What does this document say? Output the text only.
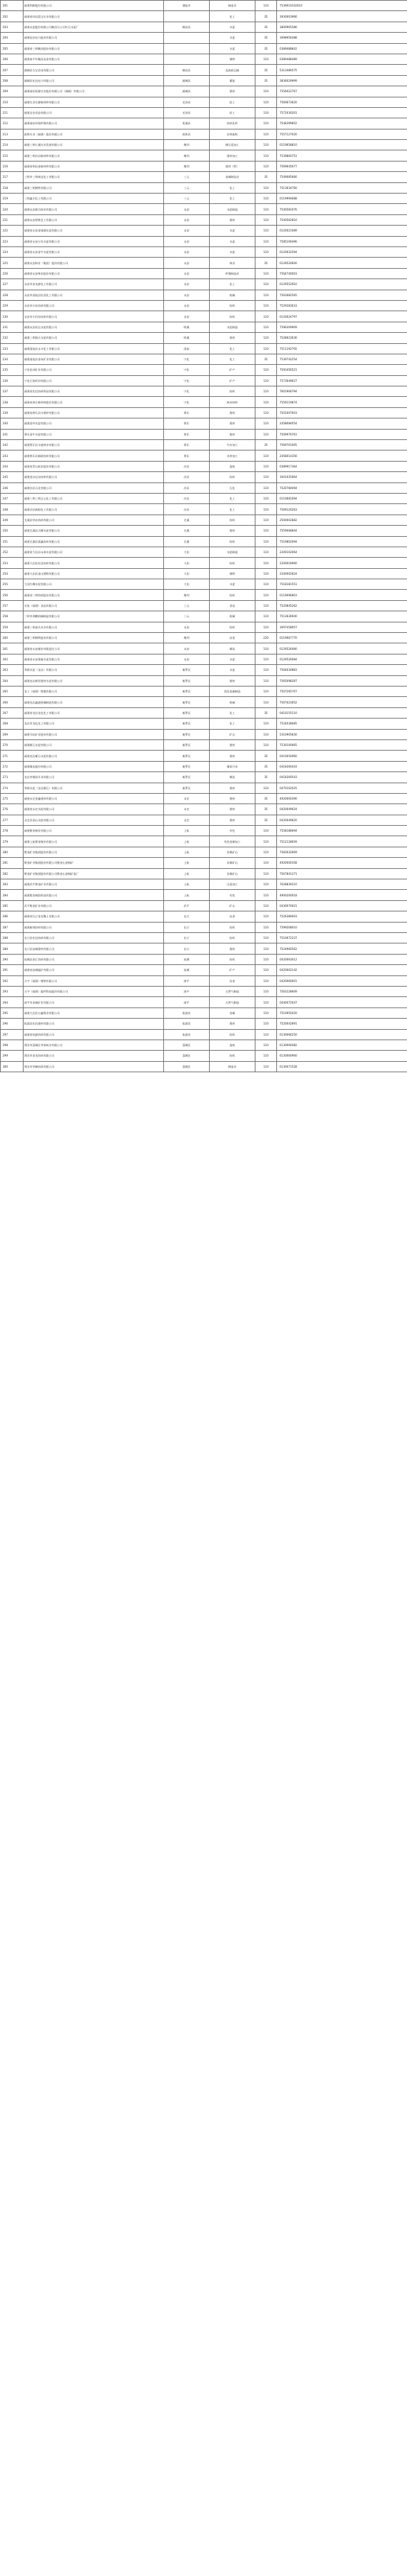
201	福建利树股份有限公司	建瓯市	制造业	110	7539010102010
202	福建省祥昌富宝实业有限公司		化工	35	3930003966
203	福建永泥股份有限公司顺昌分公司红石水泥厂	顺昌县	水泥	35	3809965586
204	福建钰昌电力股份有限公司		水泥	35	3098956488
205	福建省三明顺昌股份有限公司		水泥	35	0389488842
206	福建南平市顺昌冶金有限公司		钢铁	110	0389488489
207	浦城县太宝农电有限公司	顺昌县	直流轮运输	35	5313480575
208	浦城县宏达电力有限公司	浦城县	蓄能	35	3836029999
209	福建南纺资源实业股份有限公司（浦城）有限公司	浦城县	建材	110	7556022767
210	福建实业实源新材料有限公司	光泽县	轻工	110	7560673620
211	福建圣农食品有限公司	光泽县	轻工	110	7572030201
212	福建南纺环保纤维有限公司	松溪县	纺织化纤	110	7548399852
213	政和实业（福建）股份有限公司	政和县	农林畜牧	110	7557127020
214	福建三明小溪实业发展有限公司	梅列	钢压延加工	110	0119658810
215	福建三明沙县新材料有限公司	梅列	建材加工	110	7539800751
216	福建省明冶金新材料有限公司	梅列	建材（管）	110	7569645677
217	三明市三明泰达化工有限公司	三元	金属制品业	35	7549085666
218	福建三明钢铁有限公司	三元	化工	110	7513634760
219	三明鑫丰化工有限公司	三元	化工	110	0119994688
220	福建永安联合纸业有限公司	永安	水泥制造	110	7540581076
221	福建永安智胜化工有限公司	永安	建材	110	7540562816
222	福建省永安金银湖水泥有限公司	永安	水泥	110	0120021089
223	福建省永安万年水泥有限公司	永安	水泥	110	7585106496
224	福建省永安金牛水泥有限公司	永安	水泥	110	0120032594
225	福建永安林业（集团）股份有限公司	永安	林业	35	0129520600
226	福建省永安林业股份有限公司	永安	纤维制造业	110	7564740003
227	永安市金龙源化工有限公司	永安	化工	110	0129552910
228	永安市清流县宏昌化工有限公司	永安	机械	110	7563082565
229	永安市川东纺织有限公司	永安	纺织	110	7529283633
230	永安市川河东纺织有限公司	永安	纺织	110	0120024797
231	福建永安宏运水泥有限公司	明溪	水泥制造	110	7596309909
232	福建三明海天水泥有限公司	明溪	建材	110	7528623630
233	福建清流县永丰化工有限公司	清流	化工	110	7511192705
234	福建清流县金泉矿业有限公司	宁化	化工	35	7539742254
235	宁化佳沐矿业有限公司	宁化	矿产	110	7593456521
236	宁化行洛旺坦有限公司	宁化	矿产	110	7573049627
237	福建省宏信纺织科技有限公司	宁化	纺织	110	7601906794
238	福建省鸿丰新材料股份有限公司	宁化	纳米材料	110	7559119874
239	福建省将乐县丰建材有限公司	将乐	建材	110	7501007603
240	福建金华水泥有限公司	将乐	建材	110	2458084054
241	将乐金牛水泥有限公司	将乐	建材	110	7509976761
242	福建将乐县丰盛林业有限公司	将乐	竹木加工	35	7569701005
243	福建将乐县新联纺织有限公司	将乐	木材加工	110	2458014356
244	福建省青山纸业股份有限公司	沙县	造纸	110	0389917364
245	福建金沙远东纺织有限公司	沙县	纺织	110	1601025664
246	福建沙县石化有限公司	沙县	石化	110	7520784094
247	福建三明三明正元化工有限公司	沙县	化工	110	0110681094
248	福建沙县新阳化工有限公司	沙县	化工	110	7569120263
249	尤溪县华东纺织有限公司	尤溪	纺织	110	2500002882
250	福建尤溪县吉德水泥有限公司	尤溪	建材	110	7559068844
251	福建尤溪县嘉鑫纺织有限公司	尤溪	纺织	110	7519802094
252	福建省大田县永泰水泥有限公司	大田	水泥制造	110	2200102064
253	福建大田县宏达纺织有限公司	大田	纺织	110	2200018960
254	福建大田县金山钢铁有限公司	大田	钢铁	110	2200002824
255	大田红狮水泥有限公司	大田	水泥	110	7518181551
256	福建省三明纺织股份有限公司	梅列	纺织	110	0119096803
257	名佑（福建）食品有限公司	三元	食品	110	7520845262
258	三明市鸿鹏机械制造有限公司	三元	机械	110	7513636940
259	福建三明金氏木业有限公司	永安	纺织	110	3097458957
260	福建三明钢铁股份有限公司	梅列	冶金	220	0119667770
261	福建省永安煤业有限责任公司	永安	煤炭	110	0129526080
262	福建省永安建福水泥有限公司	永安	水泥	110	0129526084
263	华润水泥（龙岩）有限公司	新罗区	水泥	110	7564030883
264	福建龙岩新型建材水泥有限公司	新罗区	建材	110	7565098287
265	龙工（福建）铸锻有限公司	新罗区	黑色金属制造	110	7507265707
266	福建龙岩鑫盛机械制造有限公司	新罗区	机械	110	7567023052
267	福建省龙岩龙化化工有限公司	新罗区	化工	35	0410155110
268	龙岩市龙化化工有限公司	新罗区	化工	110	7524038085
269	福建马坑矿业股份有限公司	新罗区	矿山	110	5310905830
270	福建雁石水泥有限公司	新罗区	建材	110	7530100065
271	福建龙岩雁石水泥有限公司	新罗区	建材	35	0410054960
272	福建煤电股份有限公司	新罗区	煤炭开采	35	0418300443
273	龙岩市煤炭开采有限公司	新罗区	煤炭	35	0418300543
274	华润水泥（龙岩雁石）有限公司	新罗区	建材	110	0470102025
275	福建永定金鑫建材有限公司	永定	建材	35	4920000390
276	福建省永定水泥有限公司	永定	建材	35	0420049624
277	永定县金山水泥有限公司	永定	建材	35	0420049620
278	福建紫金铜业有限公司	上杭	有色	110	7558186694
279	福建上杭紫金铜业有限公司	上杭	有色金属加工	110	7512128659
280	紫金矿业集团股份有限公司	上杭	非煤矿山	110	7583032669
281	紫金矿业集团股份有限公司紫金山金铜矿	上杭	非煤矿山	110	4920000358
282	紫金矿业集团股份有限公司紫金山金铜矿选厂	上杭	非煤矿山	110	7567841371
283	福建武平紫金矿业有限公司	上杭	压延加工	110	7628839210
284	福建紫金铜箔科技有限公司	上杭	有色	110	4900200018
285	武平紫金矿业有限公司	武平	矿山	110	0430070021
286	福建省长汀金龙稀土有限公司	长汀	冶金	110	7526380003
287	福建新烽纺织有限公司	长汀	纺织	110	7599208010
288	长汀县宏达纺织有限公司	长汀	纺织	110	7510672237
289	长汀县连城建材有限公司	长汀	建材	110	7524960562
290	连城县金汇纺织有限公司	连城	纺织	110	0420063012
291	福建省连城锰矿有限公司	连城	矿产	110	0420002142
292	天宇（福建）钢铁有限公司	漳平	冶金	110	0420060001
293	天宇（福建）超纤科技股份有限公司	漳平	天然气制造	110	7563128609
294	漳平市金瑞矿业有限公司	漳平	天然气制造	110	0440072047
295	福建大田县万鑫铸业有限公司	仙游县	金属	110	7510955020
296	仙游县宏昌建材有限公司	仙游县	建材	110	7520042891
297	福建省仙游纺织有限公司	仙游县	纺织	110	6130066250
298	莆田市荔城区华泰纸业有限公司	荔城区	造纸	110	6130064082
299	莆田市金龙纺织有限公司	荔城区	纺织	110	6130064960
300	莆田市华峰纺织有限公司	荔城区	制造业	110	6130071528
